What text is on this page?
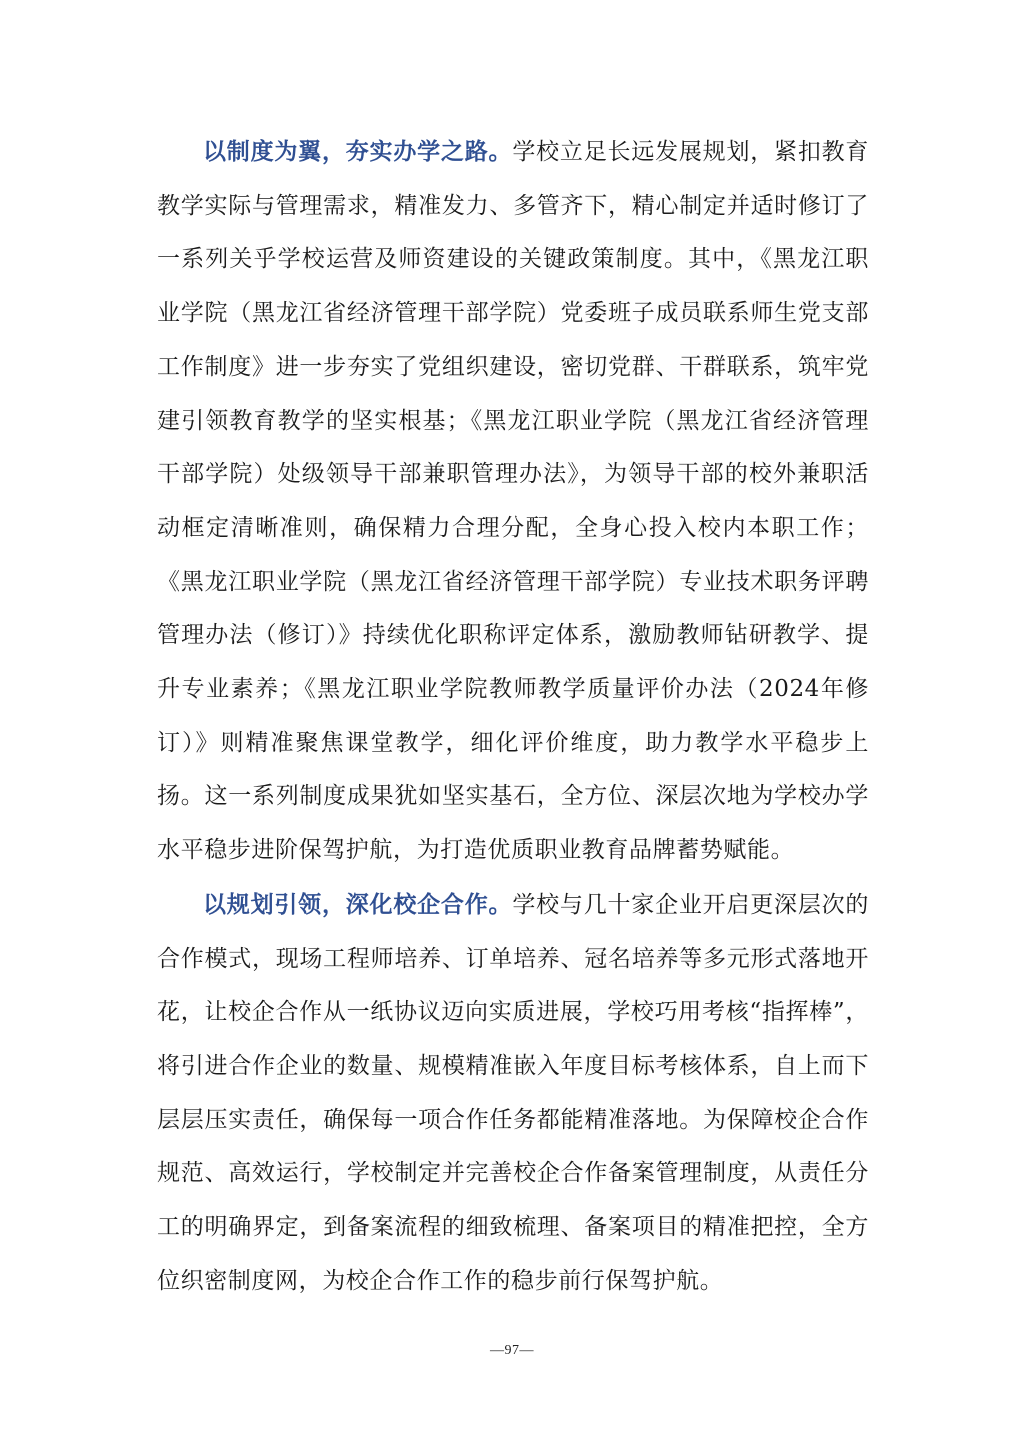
以制度为翼，夯实办学之路。学校立足长远发展规划，紧扣教育教学实际与管理需求，精准发力、多管齐下，精心制定并适时修订了一系列关乎学校运营及师资建设的关键政策制度。其中，《黑龙江职业学院（黑龙江省经济管理干部学院）党委班子成员联系师生党支部工作制度》进一步夯实了党组织建设，密切党群、干群联系，筑牢党建引领教育教学的坚实根基；《黑龙江职业学院（黑龙江省经济管理干部学院）处级领导干部兼职管理办法》，为领导干部的校外兼职活动框定清晰准则，确保精力合理分配，全身心投入校内本职工作；《黑龙江职业学院（黑龙江省经济管理干部学院）专业技术职务评聘管理办法（修订）》持续优化职称评定体系，激励教师钻研教学、提升专业素养；《黑龙江职业学院教师教学质量评价办法（2024年修订）》则精准聚焦课堂教学，细化评价维度，助力教学水平稳步上扬。这一系列制度成果犹如坚实基石，全方位、深层次地为学校办学水平稳步进阶保驾护航，为打造优质职业教育品牌蓄势赋能。

以规划引领，深化校企合作。学校与几十家企业开启更深层次的合作模式，现场工程师培养、订单培养、冠名培养等多元形式落地开花，让校企合作从一纸协议迈向实质进展，学校巧用考核“指挥棒”，将引进合作企业的数量、规模精准嵌入年度目标考核体系，自上而下层层压实责任，确保每一项合作任务都能精准落地。为保障校企合作规范、高效运行，学校制定并完善校企合作备案管理制度，从责任分工的明确界定，到备案流程的细致梳理、备案项目的精准把控，全方位织密制度网，为校企合作工作的稳步前行保驾护航。

—97—
